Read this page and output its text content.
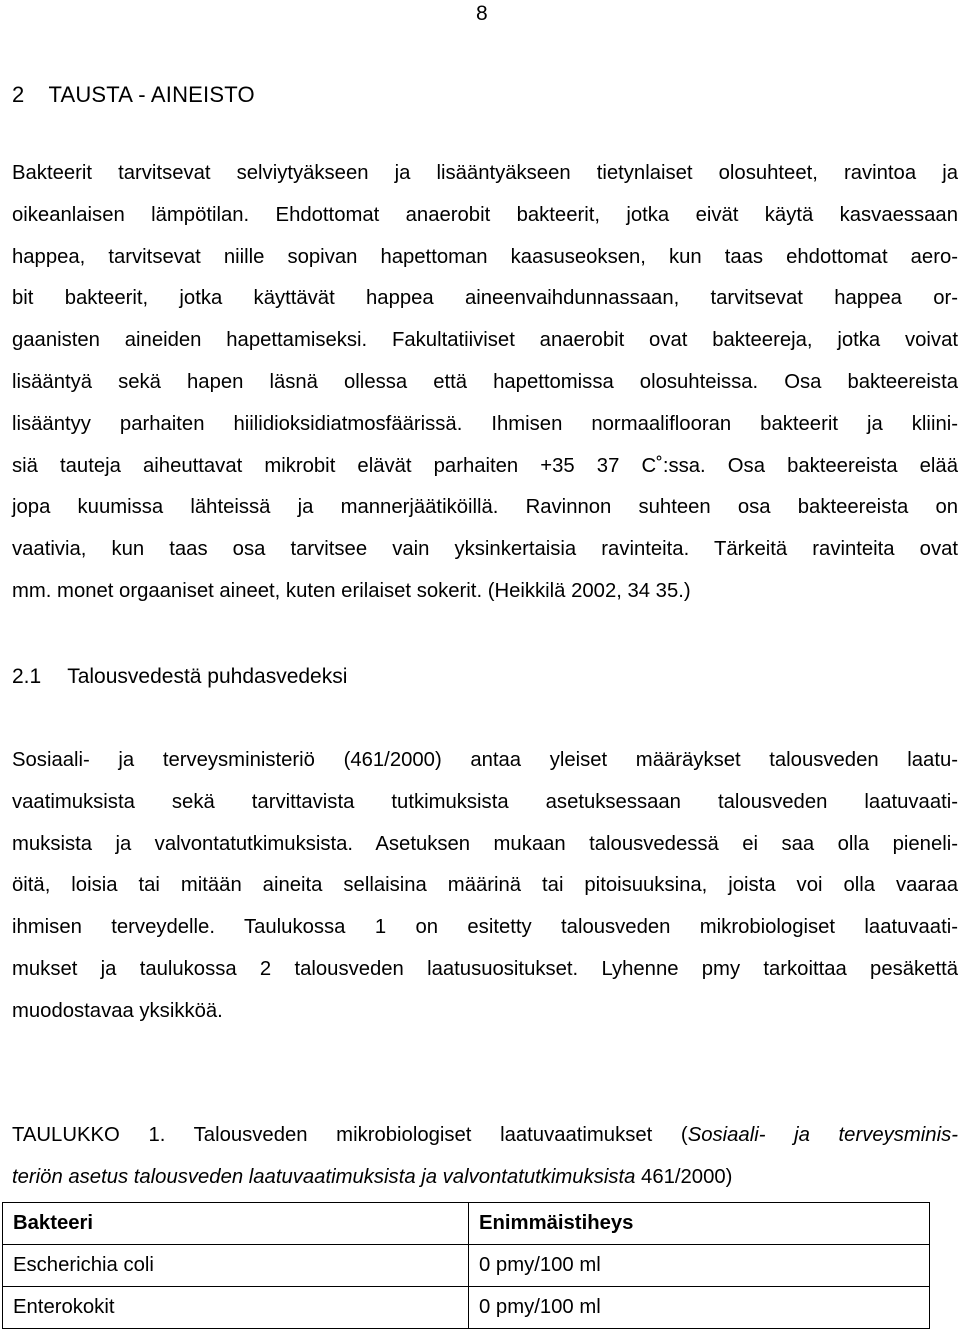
8
2 TAUSTA - AINEISTO
Bakteerit tarvitsevat selviytyäkseen ja lisääntyäkseen tietynlaiset olosuhteet, ravintoa ja
oikeanlaisen lämpötilan. Ehdottomat anaerobit bakteerit, jotka eivät käytä kasvaessaan
happea, tarvitsevat niille sopivan hapettoman kaasuseoksen, kun taas ehdottomat aero-
bit bakteerit, jotka käyttävät happea aineenvaihdunnassaan, tarvitsevat happea or-
gaanisten aineiden hapettamiseksi. Fakultatiiviset anaerobit ovat bakteereja, jotka voivat
lisääntyä sekä hapen läsnä ollessa että hapettomissa olosuhteissa. Osa bakteereista
lisääntyy parhaiten hiilidioksidiatmosfäärissä. Ihmisen normaaliflooran bakteerit ja kliini-
siä tauteja aiheuttavat mikrobit elävät parhaiten +35 37 C˚:ssa. Osa bakteereista elää
jopa kuumissa lähteissä ja mannerjäätiköillä. Ravinnon suhteen osa bakteereista on
vaativia, kun taas osa tarvitsee vain yksinkertaisia ravinteita. Tärkeitä ravinteita ovat
mm. monet orgaaniset aineet, kuten erilaiset sokerit. (Heikkilä 2002, 34 35.)
2.1 Talousvedestä puhdasvedeksi
Sosiaali- ja terveysministeriö (461/2000) antaa yleiset määräykset talousveden laatu-
vaatimuksista sekä tarvittavista tutkimuksista asetuksessaan talousveden laatuvaati-
muksista ja valvontatutkimuksista. Asetuksen mukaan talousvedessä ei saa olla pieneli-
öitä, loisia tai mitään aineita sellaisina määrinä tai pitoisuuksina, joista voi olla vaaraa
ihmisen terveydelle. Taulukossa 1 on esitetty talousveden mikrobiologiset laatuvaati-
mukset ja taulukossa 2 talousveden laatusuositukset. Lyhenne pmy tarkoittaa pesäkettä
muodostavaa yksikköä.
TAULUKKO 1. Talousveden mikrobiologiset laatuvaatimukset (Sosiaali- ja terveysminis-
teriön asetus talousveden laatuvaatimuksista ja valvontatutkimuksista 461/2000)
Bakteeri	Enimmäistiheys
Escherichia coli	0 pmy/100 ml
Enterokokit	0 pmy/100 ml
